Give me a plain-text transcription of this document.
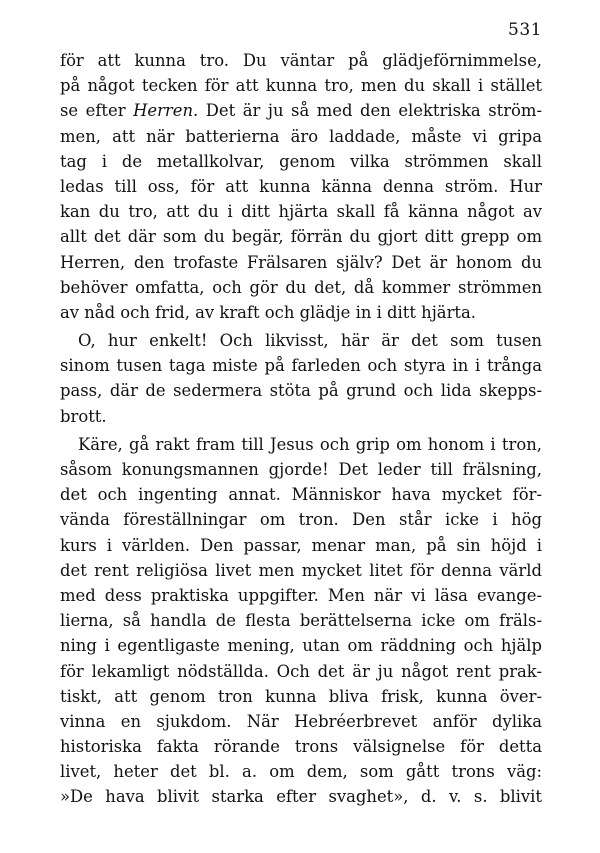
531
för att kunna tro. Du väntar på glädjeförnimmelse,
på något tecken för att kunna tro, men du skall i stället
se efter Herren. Det är ju så med den elektriska ström-
men, att när batterierna äro laddade, måste vi gripa
tag i de metallkolvar, genom vilka strömmen skall
ledas till oss, för att kunna känna denna ström. Hur
kan du tro, att du i ditt hjärta skall få känna något av
allt det där som du begär, förrän du gjort ditt grepp om
Herren, den trofaste Frälsaren själv? Det är honom du
behöver omfatta, och gör du det, då kommer strömmen
av nåd och frid, av kraft och glädje in i ditt hjärta.
O, hur enkelt! Och likvisst, här är det som tusen
sinom tusen taga miste på farleden och styra in i trånga
pass, där de sedermera stöta på grund och lida skepps-
brott.
Käre, gå rakt fram till Jesus och grip om honom i tron,
såsom konungsmannen gjorde! Det leder till frälsning,
det och ingenting annat. Människor hava mycket för-
vända föreställningar om tron. Den står icke i hög
kurs i världen. Den passar, menar man, på sin höjd i
det rent religiösa livet men mycket litet för denna värld
med dess praktiska uppgifter. Men när vi läsa evange-
lierna, så handla de flesta berättelserna icke om fräls-
ning i egentligaste mening, utan om räddning och hjälp
för lekamligt nödställda. Och det är ju något rent prak-
tiskt, att genom tron kunna bliva frisk, kunna över-
vinna en sjukdom. När Hebréerbrevet anför dylika
historiska fakta rörande trons välsignelse för detta
livet, heter det bl. a. om dem, som gått trons väg:
»De hava blivit starka efter svaghet», d. v. s. blivit
